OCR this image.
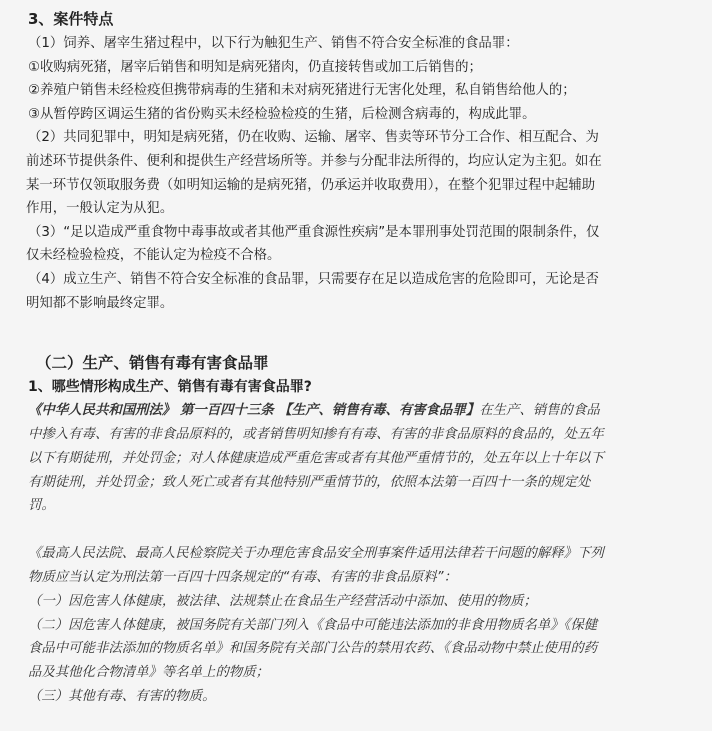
3、案件特点
（1）饲养、屠宰生猪过程中，以下行为触犯生产、销售不符合安全标准的食品罪：
①收购病死猪，屠宰后销售和明知是病死猪肉，仍直接转售或加工后销售的；
②养殖户销售未经检疫但携带病毒的生猪和未对病死猪进行无害化处理，私自销售给他人的；
③从暂停跨区调运生猪的省份购买未经检验检疫的生猪，后检测含病毒的，构成此罪。
（2）共同犯罪中，明知是病死猪，仍在收购、运输、屠宰、售卖等环节分工合作、相互配合、为
前述环节提供条件、便利和提供生产经营场所等。并参与分配非法所得的，均应认定为主犯。如在
某一环节仅领取服务费（如明知运输的是病死猪，仍承运并收取费用），在整个犯罪过程中起辅助
作用，一般认定为从犯。
（3）“足以造成严重食物中毒事故或者其他严重食源性疾病”是本罪刑事处罚范围的限制条件，仅
仅未经检验检疫，不能认定为检疫不合格。
（4）成立生产、销售不符合安全标准的食品罪，只需要存在足以造成危害的危险即可，无论是否
明知都不影响最终定罪。
（二）生产、销售有毒有害食品罪
1、哪些情形构成生产、销售有毒有害食品罪?
《中华人民共和国刑法》 第一百四十三条 【生产、销售有毒、有害食品罪】在生产、销售的食品
中掺入有毒、有害的非食品原料的，或者销售明知掺有有毒、有害的非食品原料的食品的，处五年
以下有期徒刑，并处罚金；对人体健康造成严重危害或者有其他严重情节的，处五年以上十年以下
有期徒刑，并处罚金；致人死亡或者有其他特别严重情节的，依照本法第一百四十一条的规定处
罚。
《最高人民法院、最高人民检察院关于办理危害食品安全刑事案件适用法律若干问题的解释》下列
物质应当认定为刑法第一百四十四条规定的“有毒、有害的非食品原料”：
（一）因危害人体健康，被法律、法规禁止在食品生产经营活动中添加、使用的物质；
（二）因危害人体健康，被国务院有关部门列入《食品中可能违法添加的非食用物质名单》《保健
食品中可能非法添加的物质名单》和国务院有关部门公告的禁用农药、《食品动物中禁止使用的药
品及其他化合物清单》等名单上的物质；
（三）其他有毒、有害的物质。
